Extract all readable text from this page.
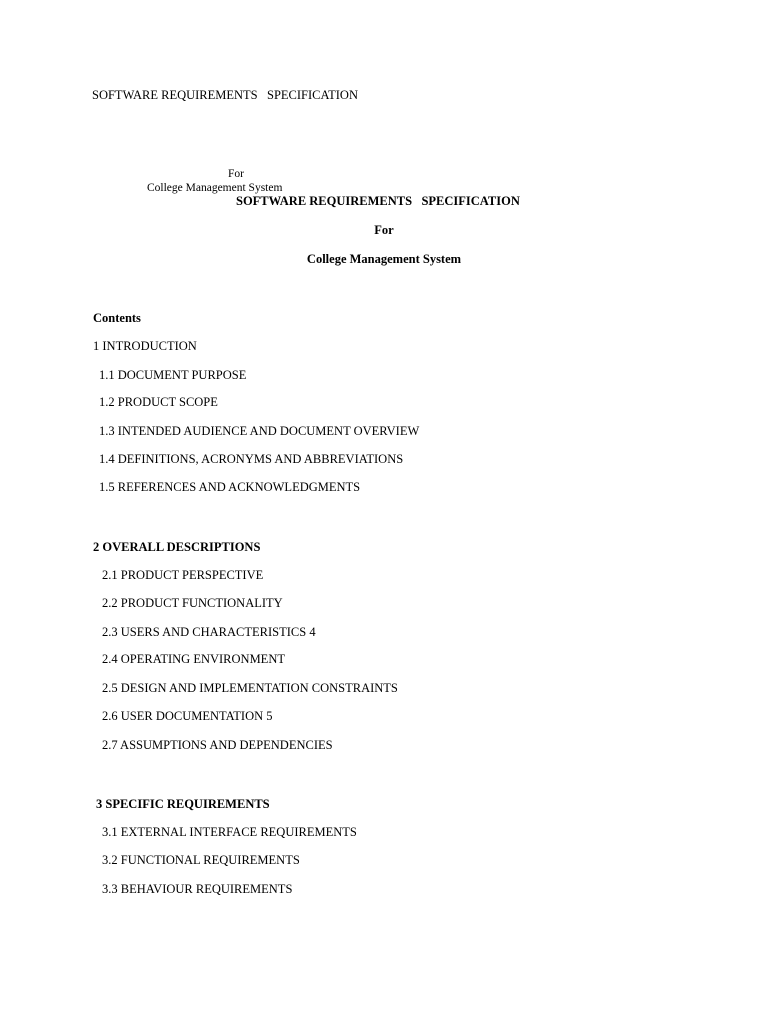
SOFTWARE REQUIREMENTS   SPECIFICATION
For
College Management System
SOFTWARE REQUIREMENTS   SPECIFICATION
For
College Management System
Contents
1 INTRODUCTION
1.1 DOCUMENT PURPOSE
1.2 PRODUCT SCOPE
1.3 INTENDED AUDIENCE AND DOCUMENT OVERVIEW
1.4 DEFINITIONS, ACRONYMS AND ABBREVIATIONS
1.5 REFERENCES AND ACKNOWLEDGMENTS
2 OVERALL DESCRIPTIONS
2.1 PRODUCT PERSPECTIVE
2.2 PRODUCT FUNCTIONALITY
2.3 USERS AND CHARACTERISTICS 4
2.4 OPERATING ENVIRONMENT
2.5 DESIGN AND IMPLEMENTATION CONSTRAINTS
2.6 USER DOCUMENTATION 5
2.7 ASSUMPTIONS AND DEPENDENCIES
3 SPECIFIC REQUIREMENTS
3.1 EXTERNAL INTERFACE REQUIREMENTS
3.2 FUNCTIONAL REQUIREMENTS
3.3 BEHAVIOUR REQUIREMENTS
